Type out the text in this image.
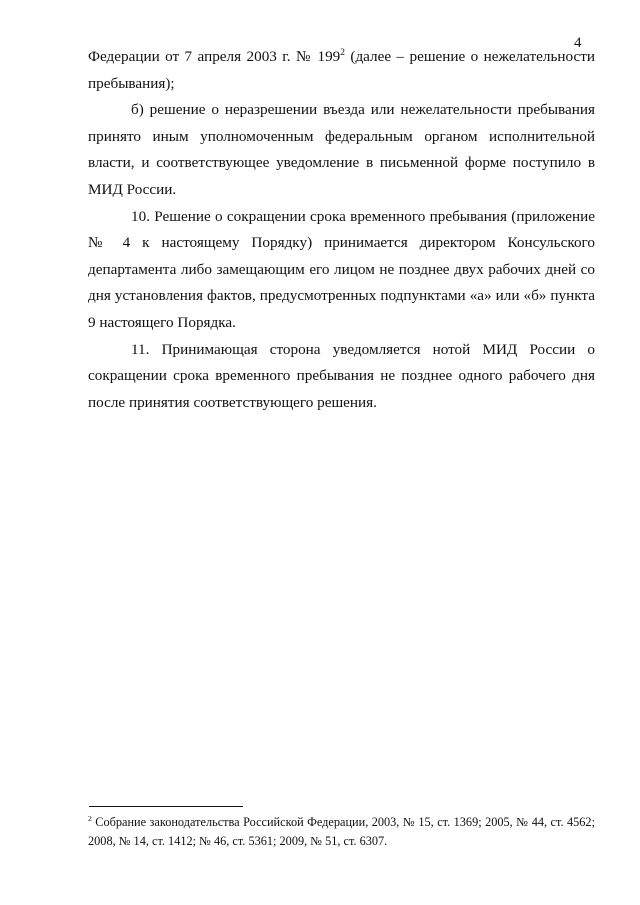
4

Федерации от 7 апреля 2003 г. № $199^2$ (далее – решение о нежелательности пребывания);

б) решение о неразрешении въезда или нежелательности пребывания принято иным уполномоченным федеральным органом исполнительной власти, и соответствующее уведомление в письменной форме поступило в МИД России.

10. Решение о сокращении срока временного пребывания (приложение № 4 к настоящему Порядку) принимается директором Консульского департамента либо замещающим его лицом не позднее двух рабочих дней со дня установления фактов, предусмотренных подпунктами «а» или «б» пункта 9 настоящего Порядка.

11. Принимающая сторона уведомляется нотой МИД России о сокращении срока временного пребывания не позднее одного рабочего дня после принятия соответствующего решения.

$^2$ Собрание законодательства Российской Федерации, 2003, № 15, ст. 1369; 2005, № 44, ст. 4562; 2008, № 14, ст. 1412; № 46, ст. 5361; 2009, № 51, ст. 6307.
